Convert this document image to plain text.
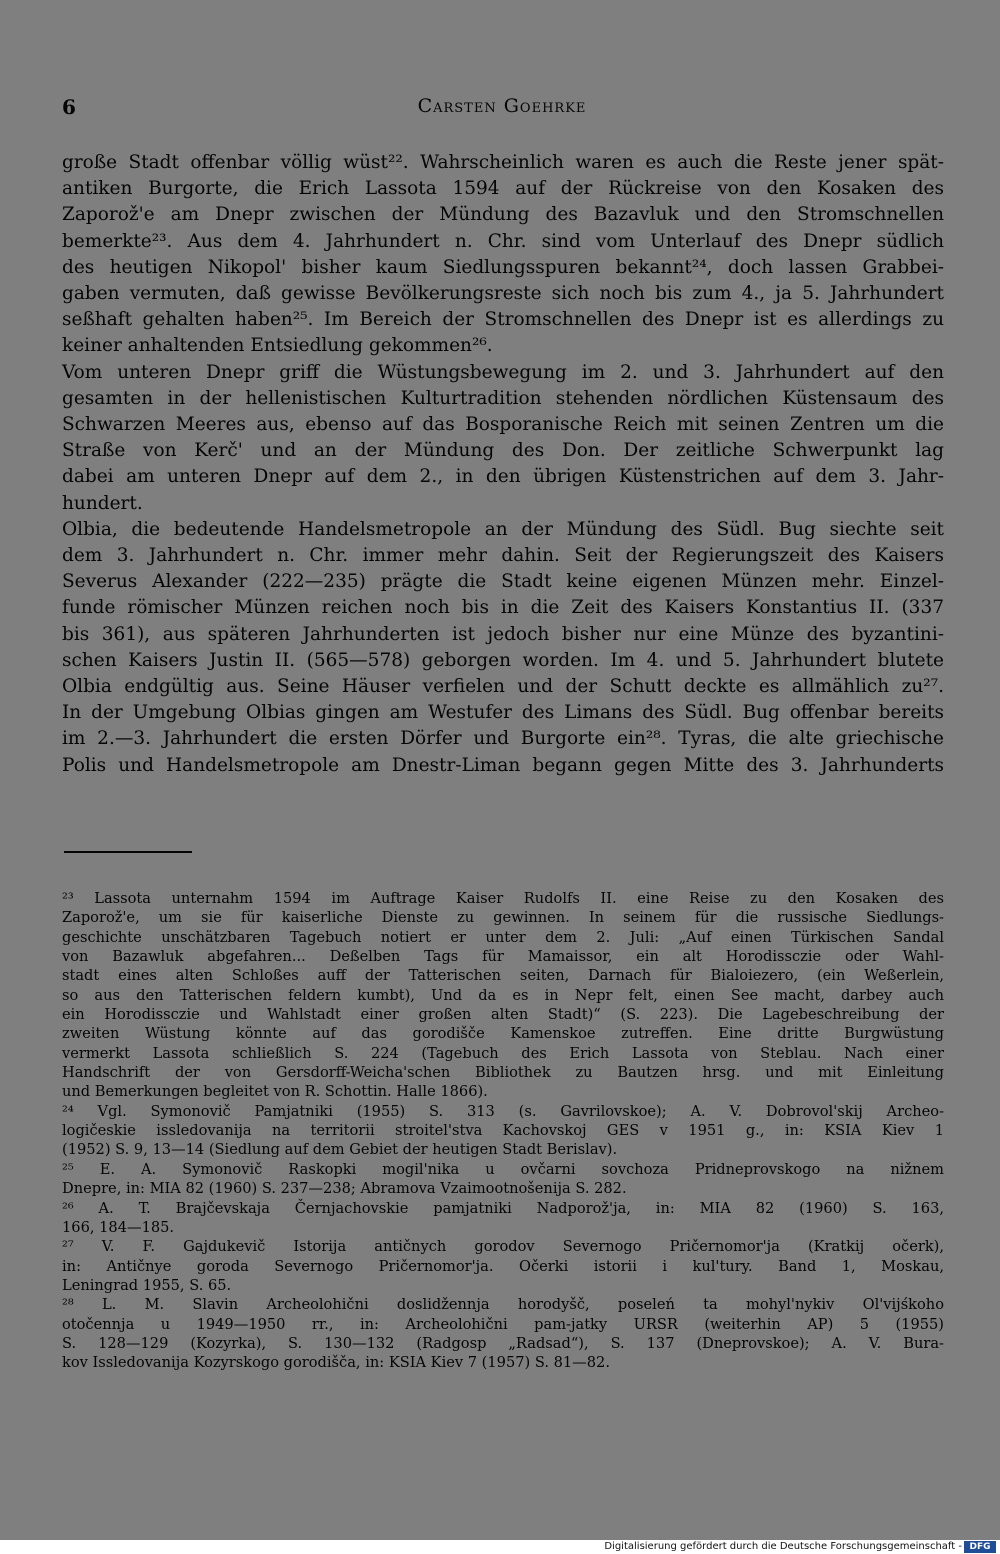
6	Carsten Goehrke
große Stadt offenbar völlig wüst²². Wahrscheinlich waren es auch die Reste jener spät-
antiken Burgorte, die Erich Lassota 1594 auf der Rückreise von den Kosaken des
Zaporož'e am Dnepr zwischen der Mündung des Bazavluk und den Stromschnellen
bemerkte²³. Aus dem 4. Jahrhundert n. Chr. sind vom Unterlauf des Dnepr südlich
des heutigen Nikopol' bisher kaum Siedlungsspuren bekannt²⁴, doch lassen Grabbei-
gaben vermuten, daß gewisse Bevölkerungsreste sich noch bis zum 4., ja 5. Jahrhundert
seßhaft gehalten haben²⁵. Im Bereich der Stromschnellen des Dnepr ist es allerdings zu
keiner anhaltenden Entsiedlung gekommen²⁶.
Vom unteren Dnepr griff die Wüstungsbewegung im 2. und 3. Jahrhundert auf den
gesamten in der hellenistischen Kulturtradition stehenden nördlichen Küstensaum des
Schwarzen Meeres aus, ebenso auf das Bosporanische Reich mit seinen Zentren um die
Straße von Kerč' und an der Mündung des Don. Der zeitliche Schwerpunkt lag
dabei am unteren Dnepr auf dem 2., in den übrigen Küstenstrichen auf dem 3. Jahr-
hundert.
Olbia, die bedeutende Handelsmetropole an der Mündung des Südl. Bug siechte seit
dem 3. Jahrhundert n. Chr. immer mehr dahin. Seit der Regierungszeit des Kaisers
Severus Alexander (222—235) prägte die Stadt keine eigenen Münzen mehr. Einzel-
funde römischer Münzen reichen noch bis in die Zeit des Kaisers Konstantius II. (337
bis 361), aus späteren Jahrhunderten ist jedoch bisher nur eine Münze des byzantini-
schen Kaisers Justin II. (565—578) geborgen worden. Im 4. und 5. Jahrhundert blutete
Olbia endgültig aus. Seine Häuser verfielen und der Schutt deckte es allmählich zu²⁷.
In der Umgebung Olbias gingen am Westufer des Limans des Südl. Bug offenbar bereits
im 2.—3. Jahrhundert die ersten Dörfer und Burgorte ein²⁸. Tyras, die alte griechische
Polis und Handelsmetropole am Dnestr-Liman begann gegen Mitte des 3. Jahrhunderts
²³ Lassota unternahm 1594 im Auftrage Kaiser Rudolfs II. eine Reise zu den Kosaken des
Zaporož'e, um sie für kaiserliche Dienste zu gewinnen. In seinem für die russische Siedlungs-
geschichte unschätzbaren Tagebuch notiert er unter dem 2. Juli: „Auf einen Türkischen Sandal
von Bazawluk abgefahren... Deßelben Tags für Mamaissor, ein alt Horodissczie oder Wahl-
stadt eines alten Schloßes auff der Tatterischen seiten, Darnach für Bialoiezero, (ein Weßerlein,
so aus den Tatterischen feldern kumbt), Und da es in Nepr felt, einen See macht, darbey auch
ein Horodissczie und Wahlstadt einer großen alten Stadt)“ (S. 223). Die Lagebeschreibung der
zweiten Wüstung könnte auf das gorodišče Kamenskoe zutreffen. Eine dritte Burgwüstung
vermerkt Lassota schließlich S. 224 (Tagebuch des Erich Lassota von Steblau. Nach einer
Handschrift der von Gersdorff-Weicha'schen Bibliothek zu Bautzen hrsg. und mit Einleitung
und Bemerkungen begleitet von R. Schottin. Halle 1866).
²⁴ Vgl. Symonovič Pamjatniki (1955) S. 313 (s. Gavrilovskoe); A. V. Dobrovol'skij Archeo-
logičeskie issledovanija na territorii stroitel'stva Kachovskoj GES v 1951 g., in: KSIA Kiev 1
(1952) S. 9, 13—14 (Siedlung auf dem Gebiet der heutigen Stadt Berislav).
²⁵ E. A. Symonovič Raskopki mogil'nika u ovčarni sovchoza Pridneprovskogo na nižnem
Dnepre, in: MIA 82 (1960) S. 237—238; Abramova Vzaimootnošenija S. 282.
²⁶ A. T. Brajčevskaja Černjachovskie pamjatniki Nadporož'ja, in: MIA 82 (1960) S. 163,
166, 184—185.
²⁷ V. F. Gajdukevič Istorija antičnych gorodov Severnogo Pričernomor'ja (Kratkij očerk),
in: Antičnye goroda Severnogo Pričernomor'ja. Očerki istorii i kul'tury. Band 1, Moskau,
Leningrad 1955, S. 65.
²⁸ L. M. Slavin Archeolohični doslidžennja horodyšč, poseleń ta mohyl'nykiv Ol'vijśkoho
otočennja u 1949—1950 rr., in: Archeolohični pam-jatky URSR (weiterhin AP) 5 (1955)
S. 128—129 (Kozyrka), S. 130—132 (Radgosp „Radsad“), S. 137 (Dneprovskoe); A. V. Bura-
kov Issledovanija Kozyrskogo gorodišča, in: KSIA Kiev 7 (1957) S. 81—82.
Digitalisierung gefördert durch die Deutsche Forschungsgemeinschaft - DFG
